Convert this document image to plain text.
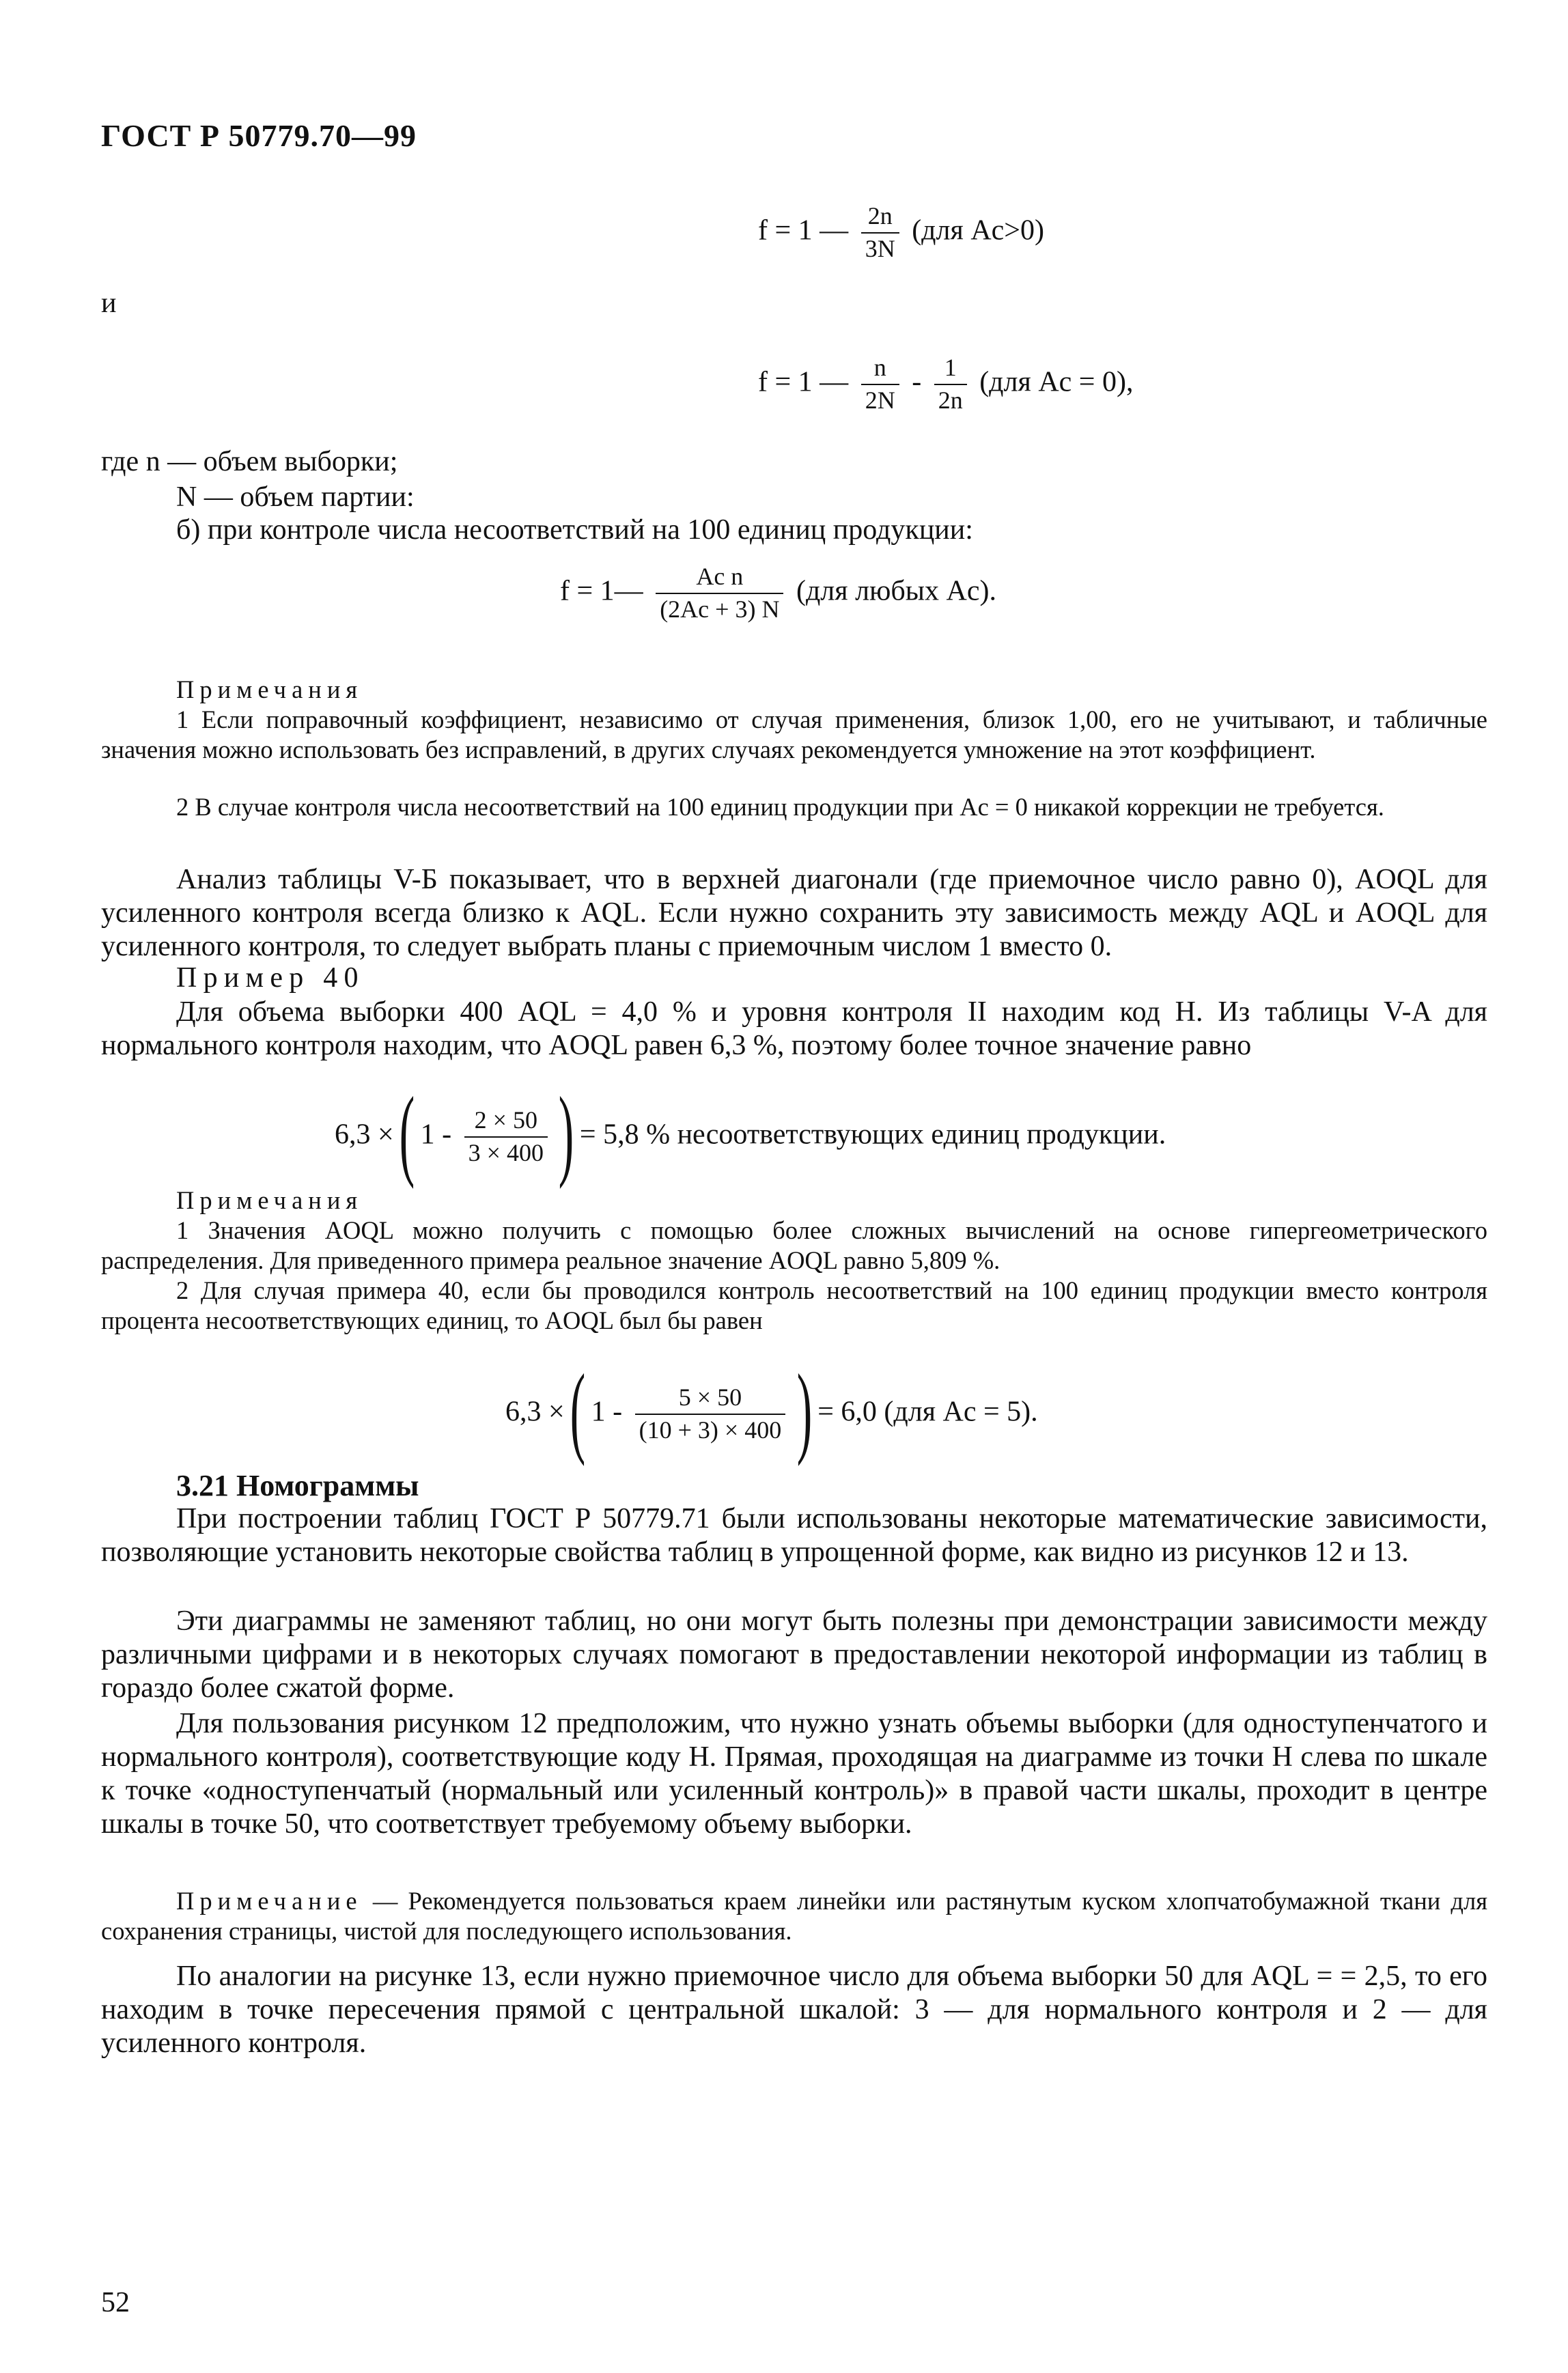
ГОСТ Р 50779.70—99
f = 1 — $\frac{2n}{3N} (для$ Ac>0)
и
f = 1 — $\frac{n}{2N} - \frac{1}{2n} (для$ Ac = 0),
где n — объем выборки;
N — объем партии:
б) при контроле числа несоответствий на 100 единиц продукции:
f = 1— $\frac{\text{Ac n}}{(2Ac + 3) N} (для$ любых Ac).
Примечания
1 Если поправочный коэффициент, независимо от случая применения, близок 1,00, его не учитывают, и табличные значения можно использовать без исправлений, в других случаях рекомендуется умножение на этот коэффициент.
2 В случае контроля числа несоответствий на 100 единиц продукции при Ac = 0 никакой коррекции не требуется.
Анализ таблицы V-Б показывает, что в верхней диагонали (где приемочное число равно 0), AOQL для усиленного контроля всегда близко к AQL. Если нужно сохранить эту зависимость между AQL и AOQL для усиленного контроля, то следует выбрать планы с приемочным числом 1 вместо 0.
Пример 40
Для объема выборки 400 AQL = 4,0 % и уровня контроля II находим код H. Из таблицы V-A для нормального контроля находим, что AOQL равен 6,3 %, поэтому более точное значение равно
6,3 × ( $1 - \frac{2 \times 50}{3 \times 400}$ ) = 5,8 % несоответствующих единиц продукции.
Примечания
1 Значения AOQL можно получить с помощью более сложных вычислений на основе гипергеометрического распределения. Для приведенного примера реальное значение AOQL равно 5,809 %.
2 Для случая примера 40, если бы проводился контроль несоответствий на 100 единиц продукции вместо контроля процента несоответствующих единиц, то AOQL был бы равен
6,3 × ( $1 - \frac{5 \times 50}{(10 + 3) \times 400}$ ) = 6,0 (для Ac = 5).
3.21 Номограммы
При построении таблиц ГОСТ Р 50779.71 были использованы некоторые математические зависимости, позволяющие установить некоторые свойства таблиц в упрощенной форме, как видно из рисунков 12 и 13.
Эти диаграммы не заменяют таблиц, но они могут быть полезны при демонстрации зависимости между различными цифрами и в некоторых случаях помогают в предоставлении некоторой информации из таблиц в гораздо более сжатой форме.
Для пользования рисунком 12 предположим, что нужно узнать объемы выборки (для одноступенчатого и нормального контроля), соответствующие коду H. Прямая, проходящая на диаграмме из точки H слева по шкале к точке «одноступенчатый (нормальный или усиленный контроль)» в правой части шкалы, проходит в центре шкалы в точке 50, что соответствует требуемому объему выборки.
Примечание — Рекомендуется пользоваться краем линейки или растянутым куском хлопчатобумажной ткани для сохранения страницы, чистой для последующего использования.
По аналогии на рисунке 13, если нужно приемочное число для объема выборки 50 для AQL = = 2,5, то его находим в точке пересечения прямой с центральной шкалой: 3 — для нормального контроля и 2 — для усиленного контроля.
52
